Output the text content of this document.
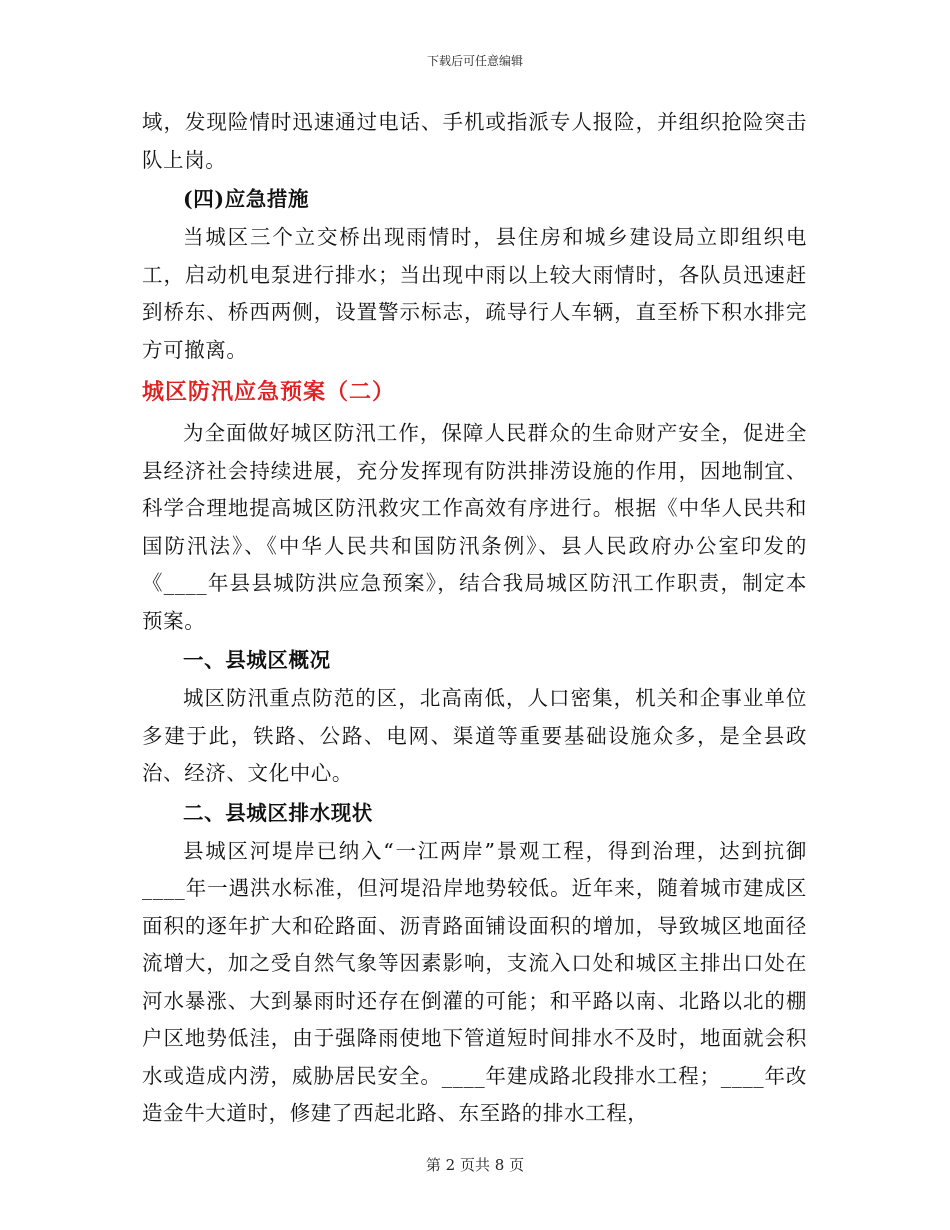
下载后可任意编辑

域，发现险情时迅速通过电话、手机或指派专人报险，并组织抢险突击队上岗。

(四)应急措施

当城区三个立交桥出现雨情时，县住房和城乡建设局立即组织电工，启动机电泵进行排水；当出现中雨以上较大雨情时，各队员迅速赶到桥东、桥西两侧，设置警示标志，疏导行人车辆，直至桥下积水排完方可撤离。

城区防汛应急预案（二）

为全面做好城区防汛工作，保障人民群众的生命财产安全，促进全县经济社会持续进展，充分发挥现有防洪排涝设施的作用，因地制宜、科学合理地提高城区防汛救灾工作高效有序进行。根据《中华人民共和国防汛法》、《中华人民共和国防汛条例》、县人民政府办公室印发的《____年县县城防洪应急预案》，结合我局城区防汛工作职责，制定本预案。

一、县城区概况

城区防汛重点防范的区，北高南低，人口密集，机关和企事业单位多建于此，铁路、公路、电网、渠道等重要基础设施众多，是全县政治、经济、文化中心。

二、县城区排水现状

县城区河堤岸已纳入“一江两岸”景观工程，得到治理，达到抗御____年一遇洪水标准，但河堤沿岸地势较低。近年来，随着城市建成区面积的逐年扩大和砼路面、沥青路面铺设面积的增加，导致城区地面径流增大，加之受自然气象等因素影响，支流入口处和城区主排出口处在河水暴涨、大到暴雨时还存在倒灌的可能；和平路以南、北路以北的棚户区地势低洼，由于强降雨使地下管道短时间排水不及时，地面就会积水或造成内涝，威胁居民安全。____年建成路北段排水工程；____年改造金牛大道时，修建了西起北路、东至路的排水工程，

第 2 页共 8 页
